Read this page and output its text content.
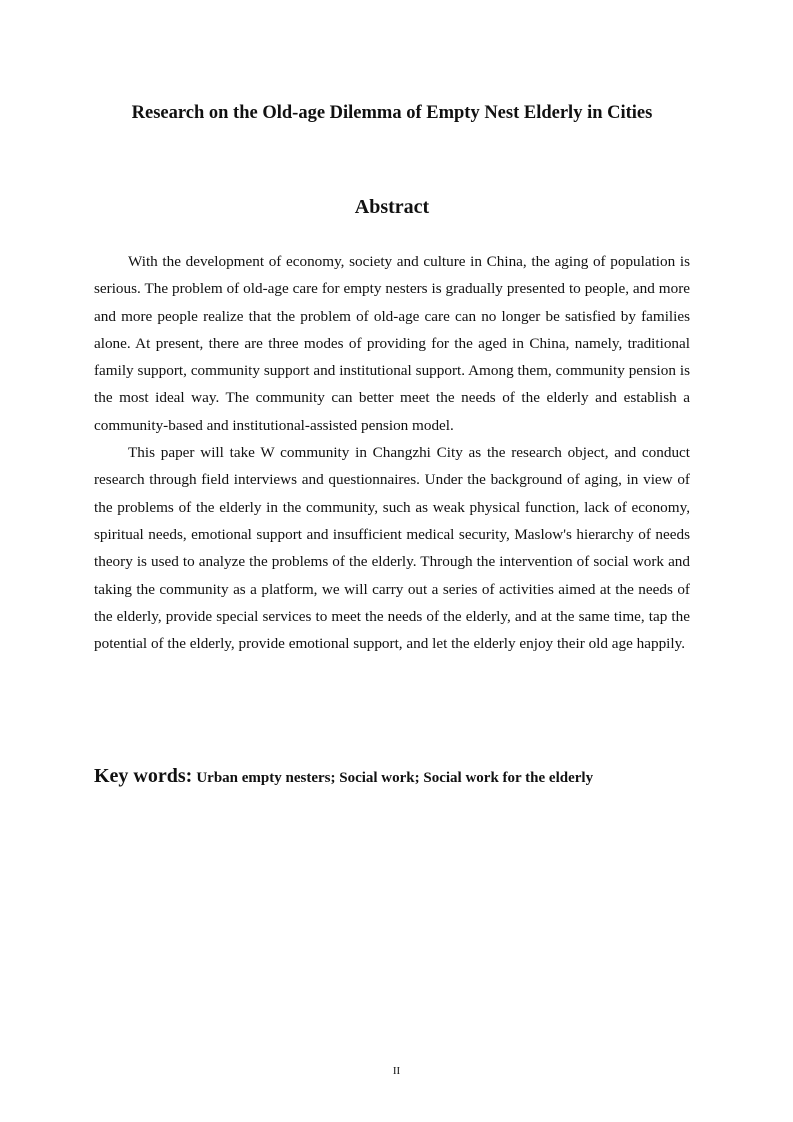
Research on the Old-age Dilemma of Empty Nest Elderly in Cities
Abstract

With the development of economy, society and culture in China, the aging of population is serious. The problem of old-age care for empty nesters is gradually presented to people, and more and more people realize that the problem of old-age care can no longer be satisfied by families alone. At present, there are three modes of providing for the aged in China, namely, traditional family support, community support and institutional support. Among them, community pension is the most ideal way. The community can better meet the needs of the elderly and establish a community-based and institutional-assisted pension model.

This paper will take W community in Changzhi City as the research object, and conduct research through field interviews and questionnaires. Under the background of aging, in view of the problems of the elderly in the community, such as weak physical function, lack of economy, spiritual needs, emotional support and insufficient medical security, Maslow's hierarchy of needs theory is used to analyze the problems of the elderly. Through the intervention of social work and taking the community as a platform, we will carry out a series of activities aimed at the needs of the elderly, provide special services to meet the needs of the elderly, and at the same time, tap the potential of the elderly, provide emotional support, and let the elderly enjoy their old age happily.

Key words: Urban empty nesters; Social work; Social work for the elderly
II
